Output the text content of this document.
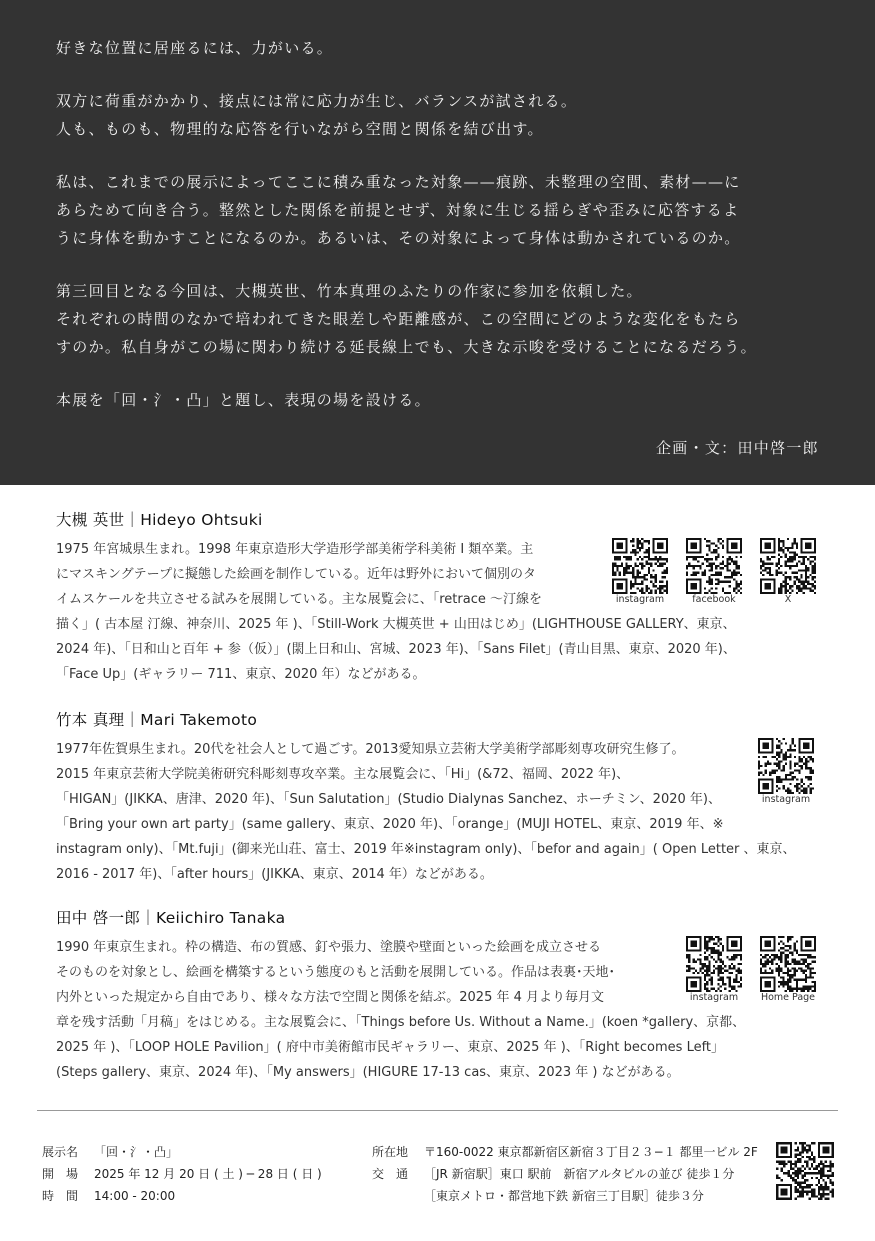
好きな位置に居座るには、力がいる。

双方に荷重がかかり、接点には常に応力が生じ、バランスが試される。
人も、ものも、物理的な応答を行いながら空間と関係を結び出す。

私は、これまでの展示によってここに積み重なった対象——痕跡、未整理の空間、素材——に
あらためて向き合う。整然とした関係を前提とせず、対象に生じる揺らぎや歪みに応答するよ
うに身体を動かすことになるのか。あるいは、その対象によって身体は動かされているのか。

第三回目となる今回は、大槻英世、竹本真理のふたりの作家に参加を依頼した。
それぞれの時間のなかで培われてきた眼差しや距離感が、この空間にどのような変化をもたら
すのか。私自身がこの場に関わり続ける延長線上でも、大きな示唆を受けることになるだろう。

本展を「回・氵・凸」と題し、表現の場を設ける。

企画・文：田中啓一郎
大槻 英世｜Hideyo Ohtsuki
1975 年宮城県生まれ。1998 年東京造形大学造形学部美術学科美術 I 類卒業。主
にマスキングテープに擬態した絵画を制作している。近年は野外において個別のタ
イムスケールを共立させる試みを展開している。主な展覧会に、「retrace 〜汀線を
描く」( 古本屋 汀線、神奈川、2025 年 )、「Still-Work 大槻英世 + 山田はじめ」(LIGHTHOUSE GALLERY、東京、
2024 年)、「日和山と百年 + 参（仮）」(閖上日和山、宮城、2023 年)、「Sans Filet」(青山目黒、東京、2020 年)、
「Face Up」(ギャラリー 711、東京、2020 年）などがある。
instagram	facebook	X
竹本 真理｜Mari Takemoto
1977年佐賀県生まれ。20代を社会人として過ごす。2013愛知県立芸術大学美術学部彫刻専攻研究生修了。
2015 年東京芸術大学院美術研究科彫刻専攻卒業。主な展覧会に、「Hi」(&72、福岡、2022 年)、
「HIGAN」(JIKKA、唐津、2020 年)、「Sun Salutation」(Studio Dialynas Sanchez、ホーチミン、2020 年)、
「Bring your own art party」(same gallery、東京、2020 年)、「orange」(MUJI HOTEL、東京、2019 年、※
instagram only)、「Mt.fuji」(御来光山荘、富士、2019 年※instagram only)、「befor and again」( Open Letter 、東京、
2016 - 2017 年)、「after hours」(JIKKA、東京、2014 年）などがある。
instagram
田中 啓一郎｜Keiichiro Tanaka
1990 年東京生まれ。枠の構造、布の質感、釘や張力、塗膜や壁面といった絵画を成立させる
そのものを対象とし、絵画を構築するという態度のもと活動を展開している。作品は表裏･天地･
内外といった規定から自由であり、様々な方法で空間と関係を結ぶ。2025 年 4 月より毎月文
章を残す活動「月稿」をはじめる。主な展覧会に、「Things before Us. Without a Name.」(koen *gallery、京都、
2025 年 )、「LOOP HOLE Pavilion」( 府中市美術館市民ギャラリー、東京、2025 年 )、「Right becomes Left」
(Steps gallery、東京、2024 年)、「My answers」(HIGURE 17-13 cas、東京、2023 年 ) などがある。
instagram	Home Page
展示名	「回・氵・凸」
開　場	2025 年 12 月 20 日 ( 土 ) ─ 28 日 ( 日 )
時　間	14:00 - 20:00
所在地	〒160-0022 東京都新宿区新宿３丁目２３−１ 都里一ビル 2F
交　通	［JR 新宿駅］東口 駅前　新宿アルタビルの並び 徒歩１分
［東京メトロ・都営地下鉄 新宿三丁目駅］徒歩３分
